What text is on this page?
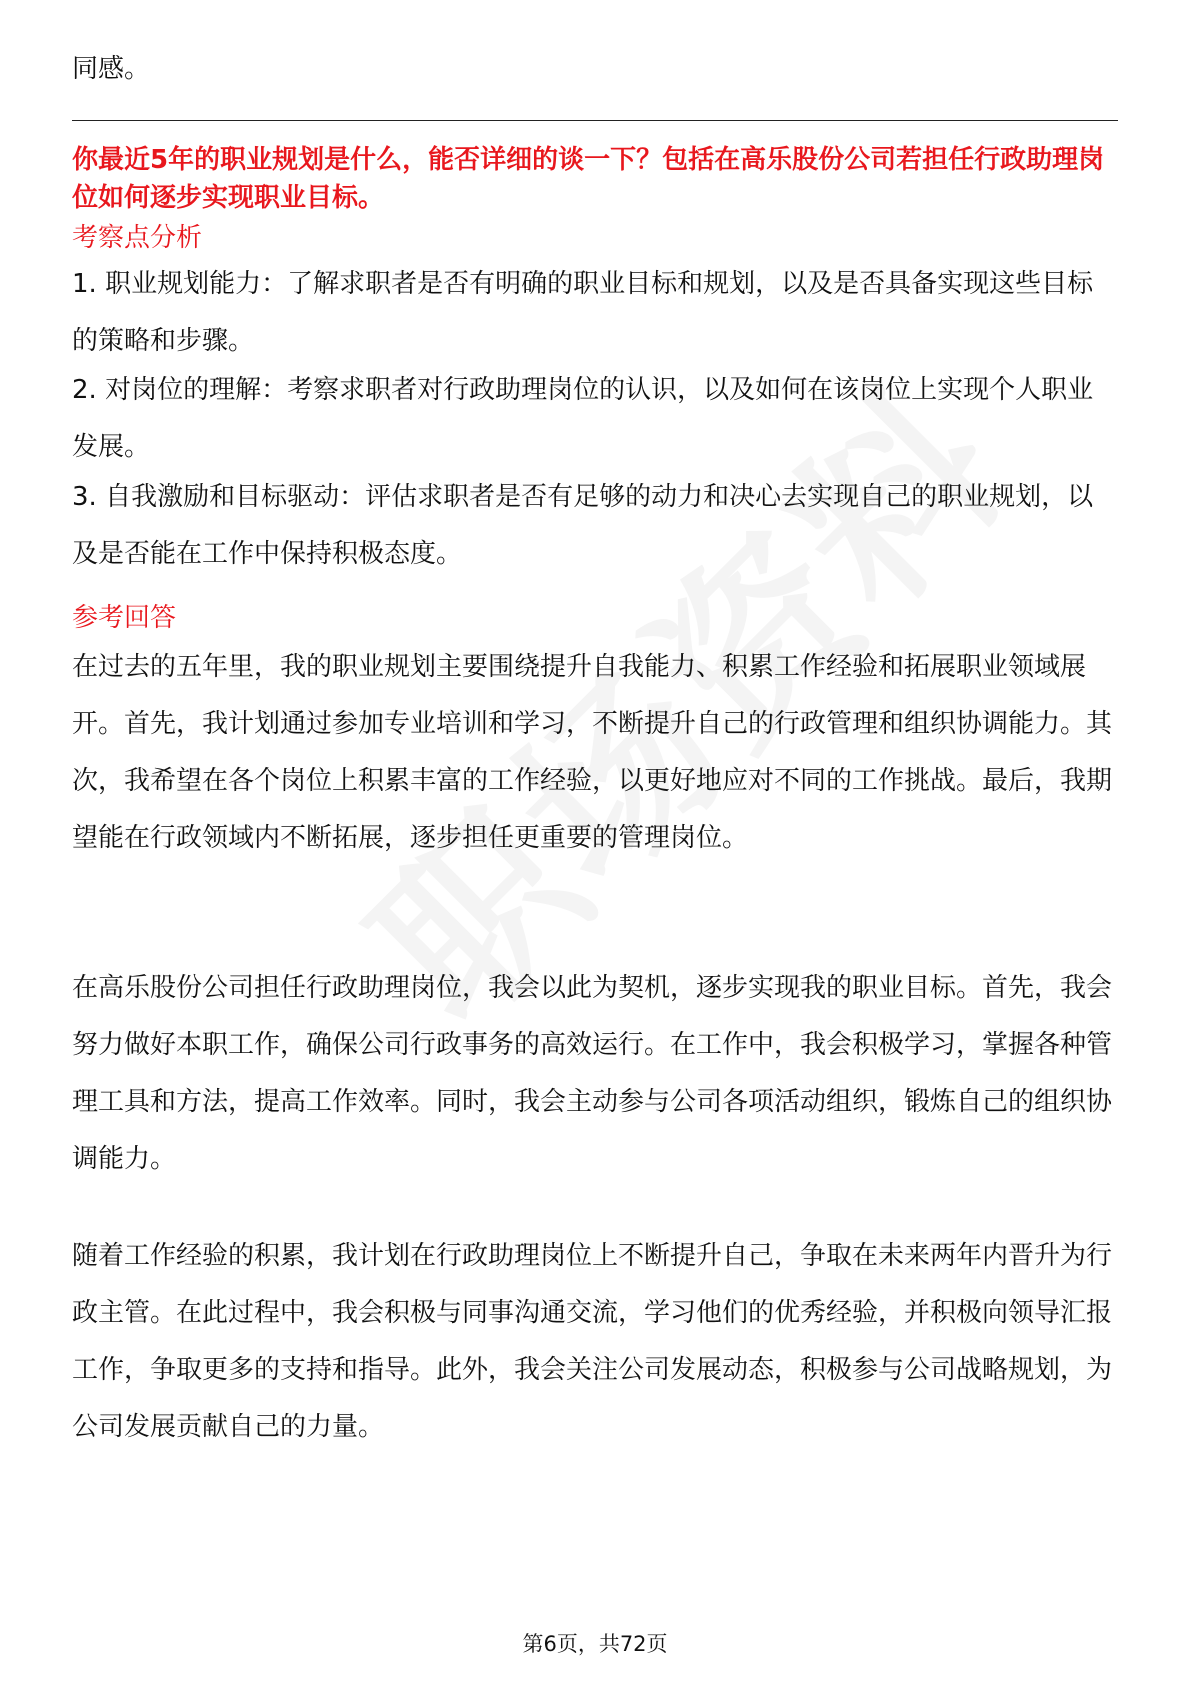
同感。

你最近5年的职业规划是什么，能否详细的谈一下？包括在高乐股份公司若担任行政助理岗位如何逐步实现职业目标。

考察点分析

1. 职业规划能力：了解求职者是否有明确的职业目标和规划，以及是否具备实现这些目标的策略和步骤。

2. 对岗位的理解：考察求职者对行政助理岗位的认识，以及如何在该岗位上实现个人职业发展。

3. 自我激励和目标驱动：评估求职者是否有足够的动力和决心去实现自己的职业规划，以及是否能在工作中保持积极态度。

参考回答

在过去的五年里，我的职业规划主要围绕提升自我能力、积累工作经验和拓展职业领域展开。首先，我计划通过参加专业培训和学习，不断提升自己的行政管理和组织协调能力。其次，我希望在各个岗位上积累丰富的工作经验，以更好地应对不同的工作挑战。最后，我期望能在行政领域内不断拓展，逐步担任更重要的管理岗位。

在高乐股份公司担任行政助理岗位，我会以此为契机，逐步实现我的职业目标。首先，我会努力做好本职工作，确保公司行政事务的高效运行。在工作中，我会积极学习，掌握各种管理工具和方法，提高工作效率。同时，我会主动参与公司各项活动组织，锻炼自己的组织协调能力。

随着工作经验的积累，我计划在行政助理岗位上不断提升自己，争取在未来两年内晋升为行政主管。在此过程中，我会积极与同事沟通交流，学习他们的优秀经验，并积极向领导汇报工作，争取更多的支持和指导。此外，我会关注公司发展动态，积极参与公司战略规划，为公司发展贡献自己的力量。

第6页，共72页
